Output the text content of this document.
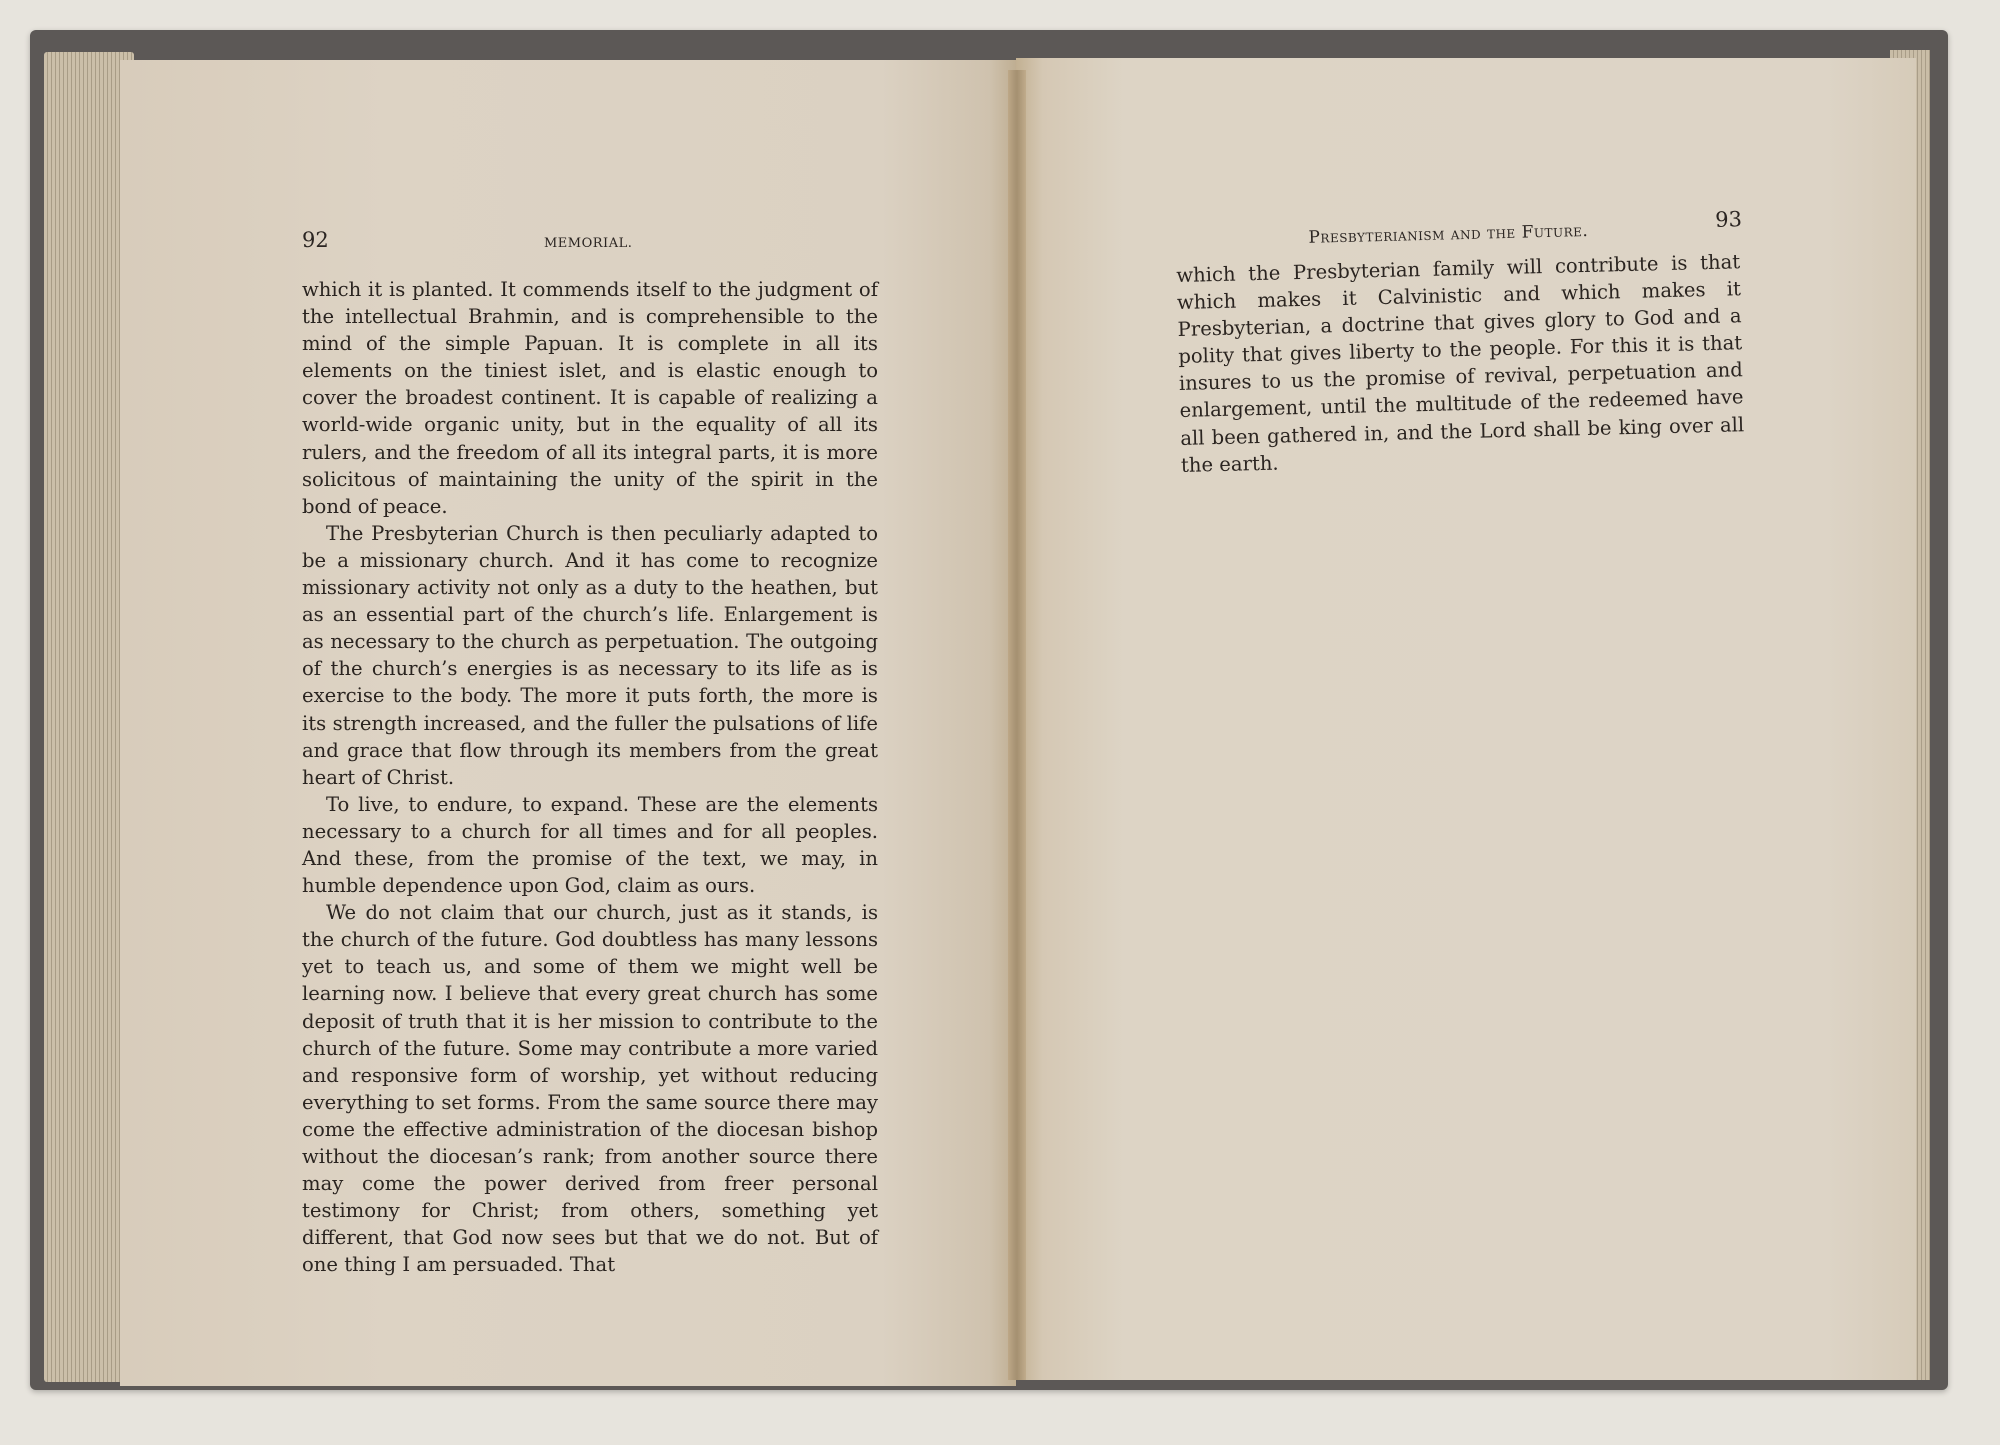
92	MEMORIAL.

which it is planted. It commends itself to the judgment of the intellectual Brahmin, and is comprehensible to the mind of the simple Papuan. It is complete in all its elements on the tiniest islet, and is elastic enough to cover the broadest continent. It is capable of realizing a world-wide organic unity, but in the equality of all its rulers, and the freedom of all its integral parts, it is more solicitous of maintaining the unity of the spirit in the bond of peace.

The Presbyterian Church is then peculiarly adapted to be a missionary church. And it has come to recognize missionary activity not only as a duty to the heathen, but as an essential part of the church’s life. Enlargement is as necessary to the church as perpetuation. The outgoing of the church’s energies is as necessary to its life as is exercise to the body. The more it puts forth, the more is its strength increased, and the fuller the pulsations of life and grace that flow through its members from the great heart of Christ.

To live, to endure, to expand. These are the elements necessary to a church for all times and for all peoples. And these, from the promise of the text, we may, in humble dependence upon God, claim as ours.

We do not claim that our church, just as it stands, is the church of the future. God doubtless has many lessons yet to teach us, and some of them we might well be learning now. I believe that every great church has some deposit of truth that it is her mission to contribute to the church of the future. Some may contribute a more varied and responsive form of worship, yet without reducing everything to set forms. From the same source there may come the effective administration of the diocesan bishop without the diocesan’s rank; from another source there may come the power derived from freer personal testimony for Christ; from others, something yet different, that God now sees but that we do not. But of one thing I am persuaded. That

Presbyterianism and the Future.
93

which the Presbyterian family will contribute is that which makes it Calvinistic and which makes it Presbyterian, a doctrine that gives glory to God and a polity that gives liberty to the people. For this it is that insures to us the promise of revival, perpetuation and enlargement, until the multitude of the redeemed have all been gathered in, and the Lord shall be king over all the earth.
